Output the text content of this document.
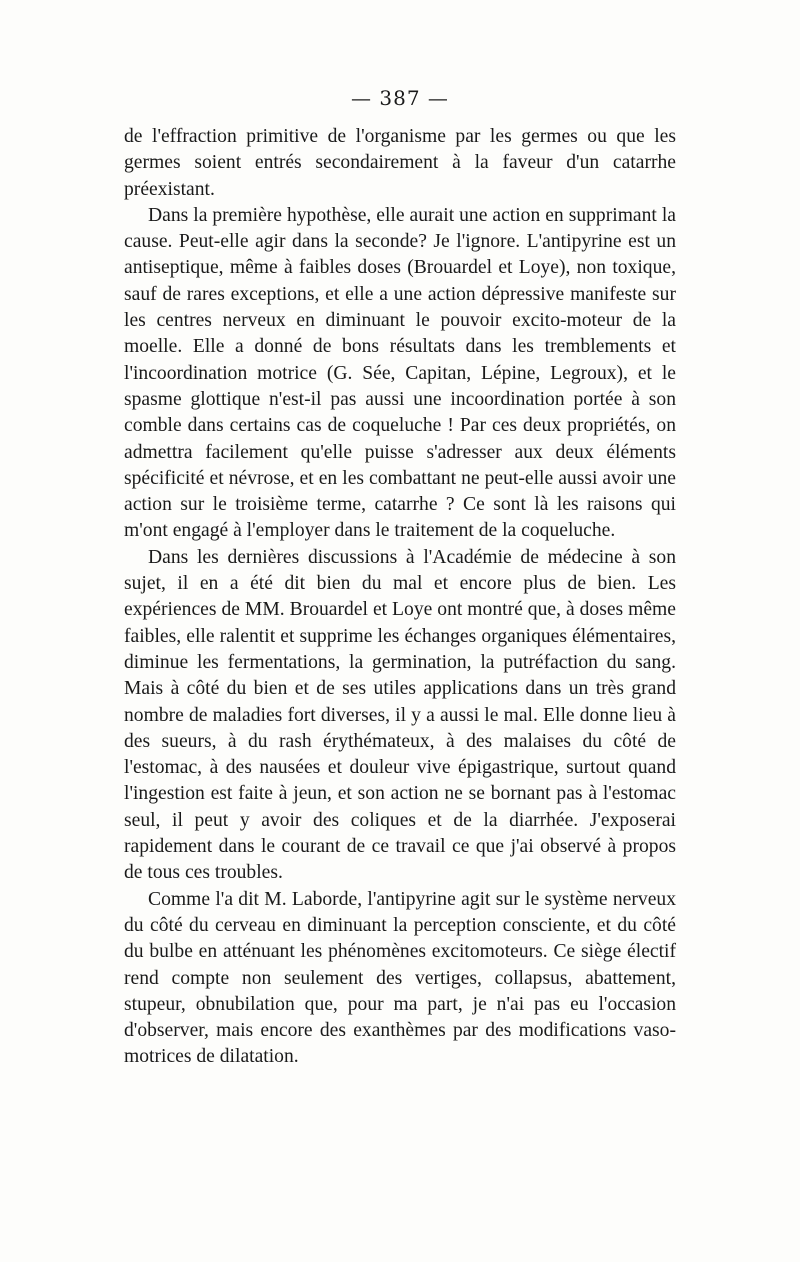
— 387 —

de l'effraction primitive de l'organisme par les germes ou que les germes soient entrés secondairement à la faveur d'un catarrhe préexistant.

Dans la première hypothèse, elle aurait une action en supprimant la cause. Peut-elle agir dans la seconde? Je l'ignore. L'antipyrine est un antiseptique, même à faibles doses (Brouardel et Loye), non toxique, sauf de rares exceptions, et elle a une action dépressive manifeste sur les centres nerveux en diminuant le pouvoir excito-moteur de la moelle. Elle a donné de bons résultats dans les tremblements et l'incoordination motrice (G. Sée, Capitan, Lépine, Legroux), et le spasme glottique n'est-il pas aussi une incoordination portée à son comble dans certains cas de coqueluche ! Par ces deux propriétés, on admettra facilement qu'elle puisse s'adresser aux deux éléments spécificité et névrose, et en les combattant ne peut-elle aussi avoir une action sur le troisième terme, catarrhe ? Ce sont là les raisons qui m'ont engagé à l'employer dans le traitement de la coqueluche.

Dans les dernières discussions à l'Académie de médecine à son sujet, il en a été dit bien du mal et encore plus de bien. Les expériences de MM. Brouardel et Loye ont montré que, à doses même faibles, elle ralentit et supprime les échanges organiques élémentaires, diminue les fermentations, la germination, la putréfaction du sang. Mais à côté du bien et de ses utiles applications dans un très grand nombre de maladies fort diverses, il y a aussi le mal. Elle donne lieu à des sueurs, à du rash érythémateux, à des malaises du côté de l'estomac, à des nausées et douleur vive épigastrique, surtout quand l'ingestion est faite à jeun, et son action ne se bornant pas à l'estomac seul, il peut y avoir des coliques et de la diarrhée. J'exposerai rapidement dans le courant de ce travail ce que j'ai observé à propos de tous ces troubles.

Comme l'a dit M. Laborde, l'antipyrine agit sur le système nerveux du côté du cerveau en diminuant la perception consciente, et du côté du bulbe en atténuant les phénomènes excitomoteurs. Ce siège électif rend compte non seulement des vertiges, collapsus, abattement, stupeur, obnubilation que, pour ma part, je n'ai pas eu l'occasion d'observer, mais encore des exanthèmes par des modifications vaso-motrices de dilatation.
